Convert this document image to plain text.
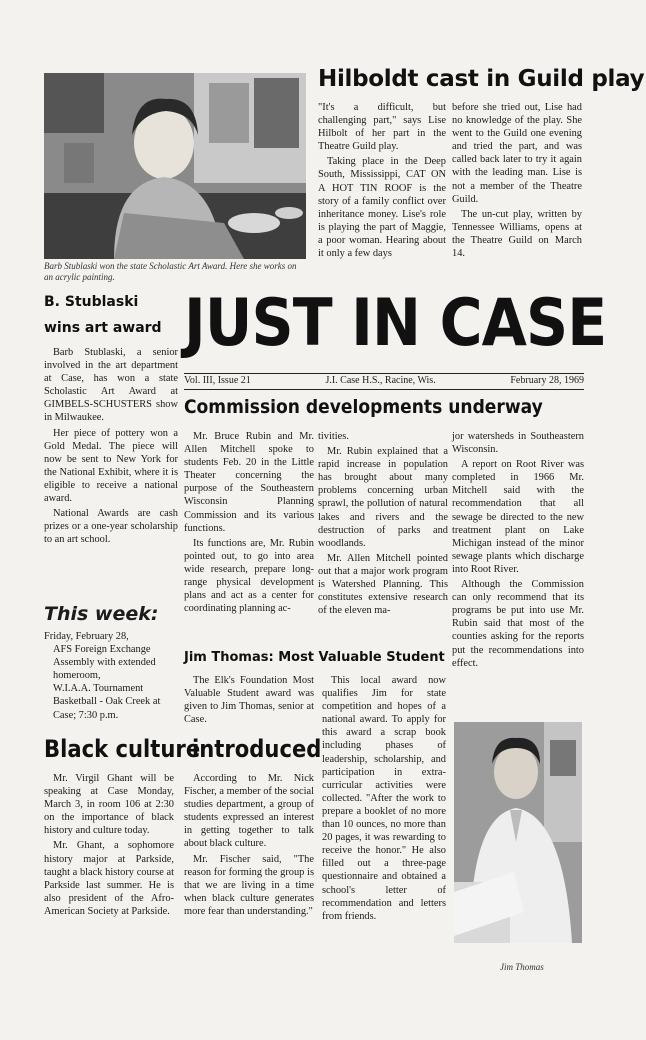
Barb Stublaski won the state Scholastic Art Award. Here she works on an acrylic painting.
Hilboldt cast in Guild play

"It's a difficult, but challenging part," says Lise Hilbolt of her part in the Theatre Guild play.

Taking place in the Deep South, Mississippi, CAT ON A HOT TIN ROOF is the story of a family conflict over inheritance money. Lise's role is playing the part of Maggie, a poor woman. Hearing about it only a few days

before she tried out, Lise had no knowledge of the play. She went to the Guild one evening and tried the part, and was called back later to try it again with the leading man. Lise is not a member of the Theatre Guild.

The un-cut play, written by Tennessee Williams, opens at the Theatre Guild on March 14.

B. Stublaski
wins art award

Barb Stublaski, a senior involved in the art department at Case, has won a state Scholastic Art Award at GIMBELS-SCHUSTERS show in Milwaukee.

Her piece of pottery won a Gold Medal. The piece will now be sent to New York for the National Exhibit, where it is eligible to receive a national award.

National Awards are cash prizes or a one-year scholarship to an art school.

JUST IN CASE
Vol. III, Issue 21	J.I. Case H.S., Racine, Wis.	February 28, 1969
This week:
Friday, February 28,
AFS Foreign Exchange Assembly with extended homeroom,
W.I.A.A. Tournament Basketball - Oak Creek at Case; 7:30 p.m.
Commission developments underway

Mr. Bruce Rubin and Mr. Allen Mitchell spoke to students Feb. 20 in the Little Theater concerning the purpose of the Southeastern Wisconsin Planning Commission and its various functions.

Its functions are, Mr. Rubin pointed out, to go into area wide research, prepare long-range physical development plans and act as a center for coordinating planning ac-

tivities.

Mr. Rubin explained that a rapid increase in population has brought about many problems concerning urban sprawl, the pollution of natural lakes and rivers and the destruction of parks and woodlands.

Mr. Allen Mitchell pointed out that a major work program is Watershed Planning. This constitutes extensive research of the eleven ma-

jor watersheds in Southeastern Wisconsin.

A report on Root River was completed in 1966 Mr. Mitchell said with the recommendation that all sewage be directed to the new treatment plant on Lake Michigan instead of the minor sewage plants which discharge into Root River.

Although the Commission can only recommend that its programs be put into use Mr. Rubin said that most of the counties asking for the reports put the recommendations into effect.

Jim Thomas: Most Valuable Student

The Elk's Foundation Most Valuable Student award was given to Jim Thomas, senior at Case.

This local award now qualifies Jim for state competition and hopes of a national award. To apply for this award a scrap book including phases of leadership, scholarship, and participation in extra-curricular activities were collected. "After the work to prepare a booklet of no more than 10 ounces, no more than 20 pages, it was rewarding to receive the honor." He also filled out a three-page questionnaire and obtained a school's letter of recommendation and letters from friends.

Jim Thomas
Black culture
introduced

Mr. Virgil Ghant will be speaking at Case Monday, March 3, in room 106 at 2:30 on the importance of black history and culture today.

Mr. Ghant, a sophomore history major at Parkside, taught a black history course at Parkside last summer. He is also president of the Afro-American Society at Parkside.

According to Mr. Nick Fischer, a member of the social studies department, a group of students expressed an interest in getting together to talk about black culture.

Mr. Fischer said, "The reason for forming the group is that we are living in a time when black culture generates more fear than understanding."
